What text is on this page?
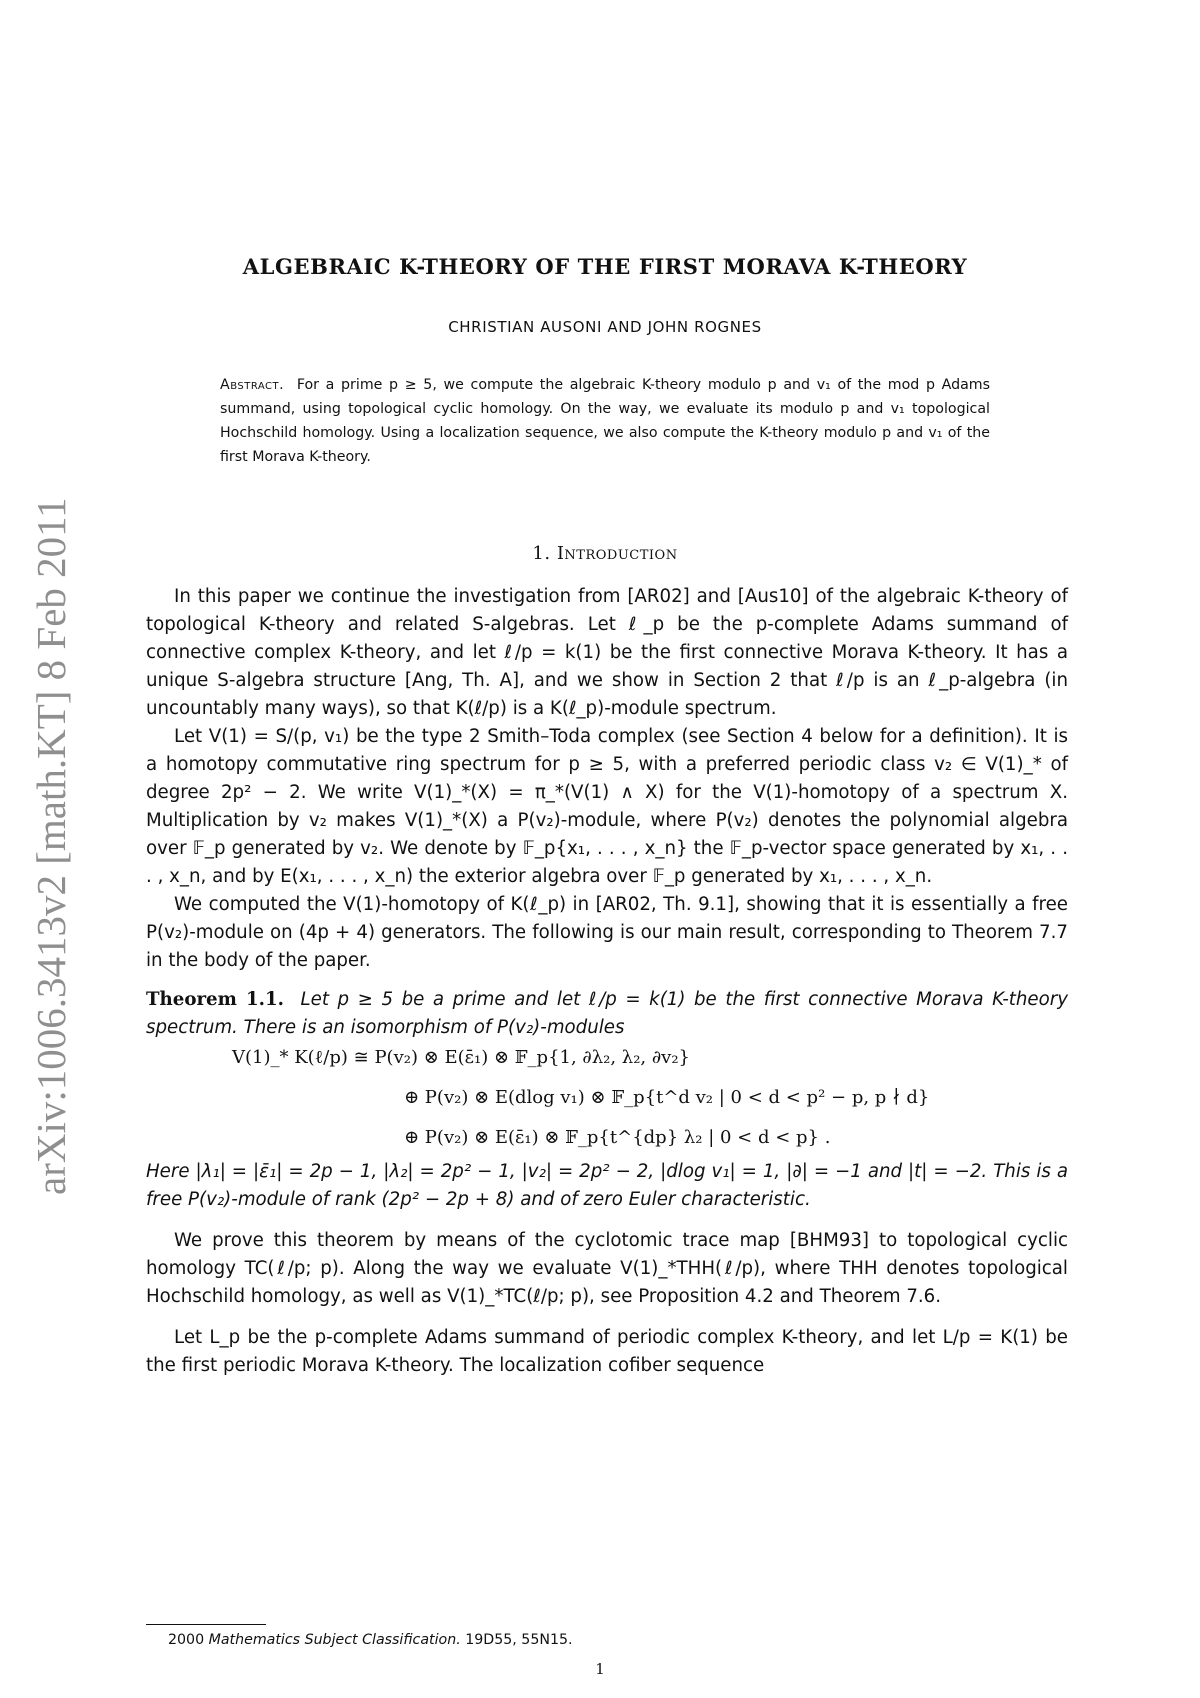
arXiv:1006.3413v2 [math.KT] 8 Feb 2011
ALGEBRAIC K-THEORY OF THE FIRST MORAVA K-THEORY
CHRISTIAN AUSONI AND JOHN ROGNES
Abstract. For a prime p ≥ 5, we compute the algebraic K-theory modulo p and v₁ of the mod p Adams summand, using topological cyclic homology. On the way, we evaluate its modulo p and v₁ topological Hochschild homology. Using a localization sequence, we also compute the K-theory modulo p and v₁ of the first Morava K-theory.
1. Introduction

In this paper we continue the investigation from [AR02] and [Aus10] of the algebraic K-theory of topological K-theory and related S-algebras. Let ℓ_p be the p-complete Adams summand of connective complex K-theory, and let ℓ/p = k(1) be the first connective Morava K-theory. It has a unique S-algebra structure [Ang, Th. A], and we show in Section 2 that ℓ/p is an ℓ_p-algebra (in uncountably many ways), so that K(ℓ/p) is a K(ℓ_p)-module spectrum.

Let V(1) = S/(p, v₁) be the type 2 Smith–Toda complex (see Section 4 below for a definition). It is a homotopy commutative ring spectrum for p ≥ 5, with a preferred periodic class v₂ ∈ V(1)_* of degree 2p² − 2. We write V(1)_*(X) = π_*(V(1) ∧ X) for the V(1)-homotopy of a spectrum X. Multiplication by v₂ makes V(1)_*(X) a P(v₂)-module, where P(v₂) denotes the polynomial algebra over 𝔽_p generated by v₂. We denote by 𝔽_p{x₁, . . . , x_n} the 𝔽_p-vector space generated by x₁, . . . , x_n, and by E(x₁, . . . , x_n) the exterior algebra over 𝔽_p generated by x₁, . . . , x_n.

We computed the V(1)-homotopy of K(ℓ_p) in [AR02, Th. 9.1], showing that it is essentially a free P(v₂)-module on (4p + 4) generators. The following is our main result, corresponding to Theorem 7.7 in the body of the paper.

Theorem 1.1. Let p ≥ 5 be a prime and let ℓ/p = k(1) be the first connective Morava K-theory spectrum. There is an isomorphism of P(v₂)-modules
V(1)_* K(ℓ/p) ≅ P(v₂) ⊗ E(ε̄₁) ⊗ 𝔽_p{1, ∂λ₂, λ₂, ∂v₂}
⊕ P(v₂) ⊗ E(dlog v₁) ⊗ 𝔽_p{t^d v₂ | 0 < d < p² − p, p ∤ d}
⊕ P(v₂) ⊗ E(ε̄₁) ⊗ 𝔽_p{t^{dp} λ₂ | 0 < d < p} .

Here |λ₁| = |ε̄₁| = 2p − 1, |λ₂| = 2p² − 1, |v₂| = 2p² − 2, |dlog v₁| = 1, |∂| = −1 and |t| = −2. This is a free P(v₂)-module of rank (2p² − 2p + 8) and of zero Euler characteristic.

We prove this theorem by means of the cyclotomic trace map [BHM93] to topological cyclic homology TC(ℓ/p; p). Along the way we evaluate V(1)_*THH(ℓ/p), where THH denotes topological Hochschild homology, as well as V(1)_*TC(ℓ/p; p), see Proposition 4.2 and Theorem 7.6.

Let L_p be the p-complete Adams summand of periodic complex K-theory, and let L/p = K(1) be the first periodic Morava K-theory. The localization cofiber sequence

2000 Mathematics Subject Classification. 19D55, 55N15.
1
